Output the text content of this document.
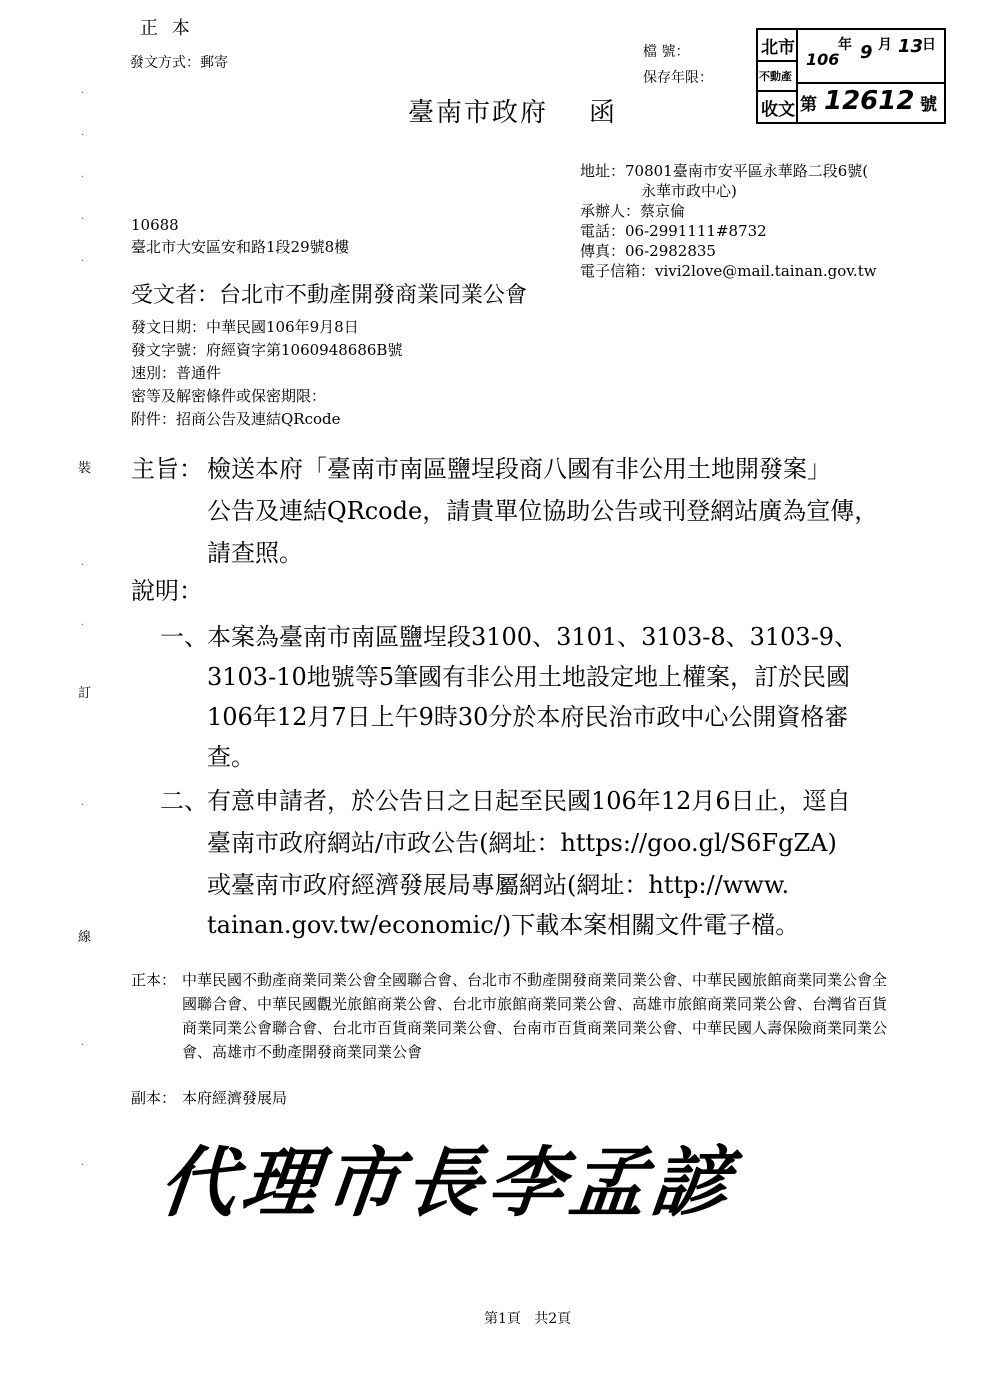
正 本
發文方式：郵寄
檔 號：
保存年限：
臺南市政府    函
北市
不動產
收文
106
年 9 月 13
日
第 12612 號
地址：70801臺南市安平區永華路二段6號(
永華市政中心)
承辦人：蔡京倫
電話：06-2991111#8732
傳真：06-2982835
電子信箱：vivi2love@mail.tainan.gov.tw
10688
臺北市大安區安和路1段29號8樓
受文者：台北市不動產開發商業同業公會
發文日期：中華民國106年9月8日
發文字號：府經資字第1060948686B號
速別：普通件
密等及解密條件或保密期限：
附件：招商公告及連結QRcode
主旨： 檢送本府「臺南市南區鹽埕段商八國有非公用土地開發案」
公告及連結QRcode，請貴單位協助公告或刊登網站廣為宣傳，
請查照。
說明：
一、 本案為臺南市南區鹽埕段3100、3101、3103-8、3103-9、
3103-10地號等5筆國有非公用土地設定地上權案，訂於民國
106年12月7日上午9時30分於本府民治市政中心公開資格審
查。
二、 有意申請者，於公告日之日起至民國106年12月6日止，逕自
臺南市政府網站/市政公告(網址：https://goo.gl/S6FgZA)
或臺南市政府經濟發展局專屬網站(網址：http://www.
tainan.gov.tw/economic/)下載本案相關文件電子檔。
正本： 中華民國不動產商業同業公會全國聯合會、台北市不動產開發商業同業公會、中華民國旅館商業同業公會全國聯合會、中華民國觀光旅館商業公會、台北市旅館商業同業公會、高雄市旅館商業同業公會、台灣省百貨商業同業公會聯合會、台北市百貨商業同業公會、台南市百貨商業同業公會、中華民國人壽保險商業同業公會、高雄市不動產開發商業同業公會
副本： 本府經濟發展局
代理市長李孟諺
裝
訂
線
·
·
·
·
·
·
·
·
·
·
第1頁   共2頁
